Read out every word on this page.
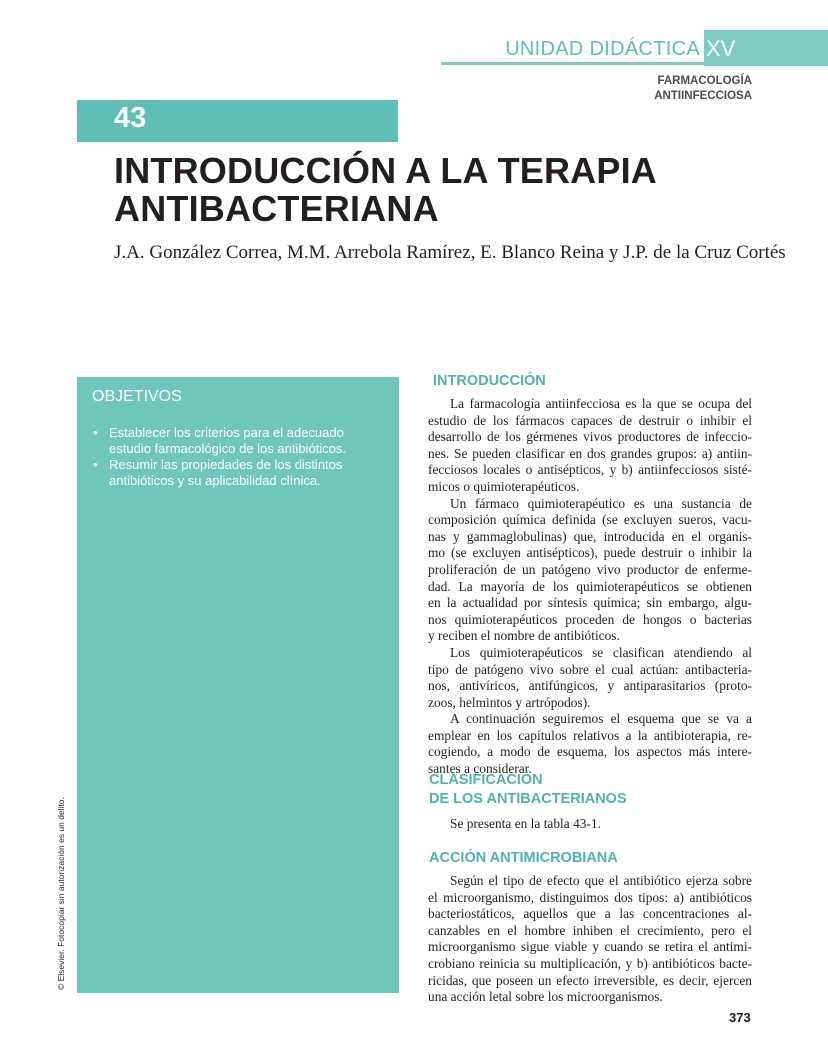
UNIDAD DIDÁCTICA XV
FARMACOLOGÍA
ANTIINFECCIOSA
43
INTRODUCCIÓN A LA TERAPIA
ANTIBACTERIANA
J.A. González Correa, M.M. Arrebola Ramírez, E. Blanco Reina y J.P. de la Cruz Cortés
OBJETIVOS
• Establecer los criterios para el adecuado estudio farmacológico de los antibióticos.
• Resumir las propiedades de los distintos antibióticos y su aplicabilidad clínica.
© Elsevier. Fotocopiar sin autorización es un delito.
INTRODUCCIÓN
La farmacología antiinfecciosa es la que se ocupa del
estudio de los fármacos capaces de destruir o inhibir el
desarrollo de los gérmenes vivos productores de infeccio-
nes. Se pueden clasificar en dos grandes grupos: a) antiin-
fecciosos locales o antisépticos, y b) antiinfecciosos sisté-
micos o quimioterapéuticos.
Un fármaco quimioterapéutico es una sustancia de
composición química definida (se excluyen sueros, vacu-
nas y gammaglobulinas) que, introducida en el organis-
mo (se excluyen antisépticos), puede destruir o inhibir la
proliferación de un patógeno vivo productor de enfermе-
dad. La mayoría de los quimioterapéuticos se obtienen
en la actualidad por síntesis química; sin embargo, algu-
nos quimioterapéuticos proceden de hongos o bacterias
y reciben el nombre de antibióticos.
Los quimioterapéuticos se clasifican atendiendo al
tipo de patógeno vivo sobre el cual actúan: antibacteria-
nos, antivíricos, antifúngicos, y antiparasitarios (proto-
zoos, helmintos y artrópodos).
A continuación seguiremos el esquema que se va a
emplear en los capítulos relativos a la antibioterapia, re-
cogiendo, a modo de esquema, los aspectos más intere-
santes a considerar.
CLASIFICACIÓN
DE LOS ANTIBACTERIANOS
Se presenta en la tabla 43-1.
ACCIÓN ANTIMICROBIANA
Según el tipo de efecto que el antibiótico ejerza sobre
el microorganismo, distinguimos dos tipos: a) antibióticos
bacteriostáticos, aquellos que a las concentraciones al-
canzables en el hombre inhiben el crecimiento, pero el
microorganismo sigue viable y cuando se retira el antimi-
crobiano reinicia su multiplicación, y b) antibióticos bacte-
ricidas, que poseen un efecto irreversible, es decir, ejercen
una acción letal sobre los microorganismos.
373
